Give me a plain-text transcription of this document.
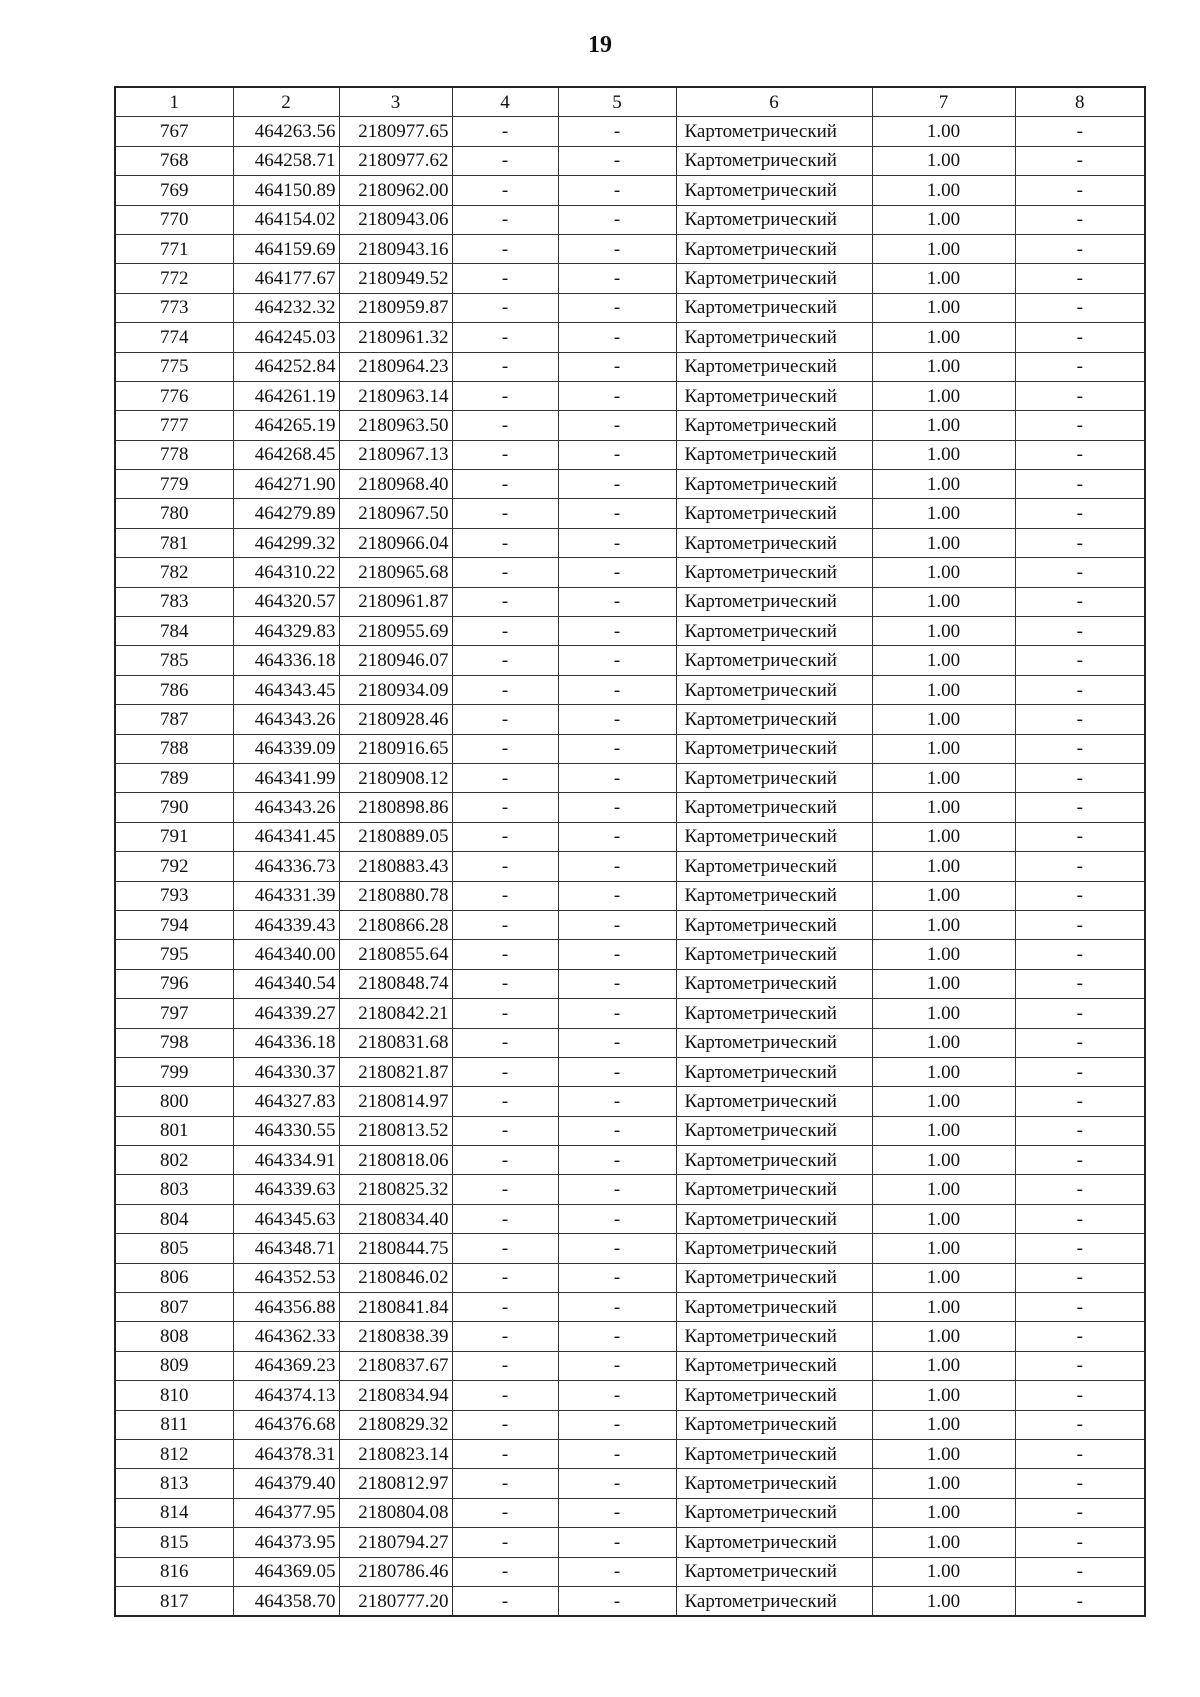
19
1	2	3	4	5	6	7	8
767	464263.56	2180977.65	-	-	Картометрический	1.00	-
768	464258.71	2180977.62	-	-	Картометрический	1.00	-
769	464150.89	2180962.00	-	-	Картометрический	1.00	-
770	464154.02	2180943.06	-	-	Картометрический	1.00	-
771	464159.69	2180943.16	-	-	Картометрический	1.00	-
772	464177.67	2180949.52	-	-	Картометрический	1.00	-
773	464232.32	2180959.87	-	-	Картометрический	1.00	-
774	464245.03	2180961.32	-	-	Картометрический	1.00	-
775	464252.84	2180964.23	-	-	Картометрический	1.00	-
776	464261.19	2180963.14	-	-	Картометрический	1.00	-
777	464265.19	2180963.50	-	-	Картометрический	1.00	-
778	464268.45	2180967.13	-	-	Картометрический	1.00	-
779	464271.90	2180968.40	-	-	Картометрический	1.00	-
780	464279.89	2180967.50	-	-	Картометрический	1.00	-
781	464299.32	2180966.04	-	-	Картометрический	1.00	-
782	464310.22	2180965.68	-	-	Картометрический	1.00	-
783	464320.57	2180961.87	-	-	Картометрический	1.00	-
784	464329.83	2180955.69	-	-	Картометрический	1.00	-
785	464336.18	2180946.07	-	-	Картометрический	1.00	-
786	464343.45	2180934.09	-	-	Картометрический	1.00	-
787	464343.26	2180928.46	-	-	Картометрический	1.00	-
788	464339.09	2180916.65	-	-	Картометрический	1.00	-
789	464341.99	2180908.12	-	-	Картометрический	1.00	-
790	464343.26	2180898.86	-	-	Картометрический	1.00	-
791	464341.45	2180889.05	-	-	Картометрический	1.00	-
792	464336.73	2180883.43	-	-	Картометрический	1.00	-
793	464331.39	2180880.78	-	-	Картометрический	1.00	-
794	464339.43	2180866.28	-	-	Картометрический	1.00	-
795	464340.00	2180855.64	-	-	Картометрический	1.00	-
796	464340.54	2180848.74	-	-	Картометрический	1.00	-
797	464339.27	2180842.21	-	-	Картометрический	1.00	-
798	464336.18	2180831.68	-	-	Картометрический	1.00	-
799	464330.37	2180821.87	-	-	Картометрический	1.00	-
800	464327.83	2180814.97	-	-	Картометрический	1.00	-
801	464330.55	2180813.52	-	-	Картометрический	1.00	-
802	464334.91	2180818.06	-	-	Картометрический	1.00	-
803	464339.63	2180825.32	-	-	Картометрический	1.00	-
804	464345.63	2180834.40	-	-	Картометрический	1.00	-
805	464348.71	2180844.75	-	-	Картометрический	1.00	-
806	464352.53	2180846.02	-	-	Картометрический	1.00	-
807	464356.88	2180841.84	-	-	Картометрический	1.00	-
808	464362.33	2180838.39	-	-	Картометрический	1.00	-
809	464369.23	2180837.67	-	-	Картометрический	1.00	-
810	464374.13	2180834.94	-	-	Картометрический	1.00	-
811	464376.68	2180829.32	-	-	Картометрический	1.00	-
812	464378.31	2180823.14	-	-	Картометрический	1.00	-
813	464379.40	2180812.97	-	-	Картометрический	1.00	-
814	464377.95	2180804.08	-	-	Картометрический	1.00	-
815	464373.95	2180794.27	-	-	Картометрический	1.00	-
816	464369.05	2180786.46	-	-	Картометрический	1.00	-
817	464358.70	2180777.20	-	-	Картометрический	1.00	-
